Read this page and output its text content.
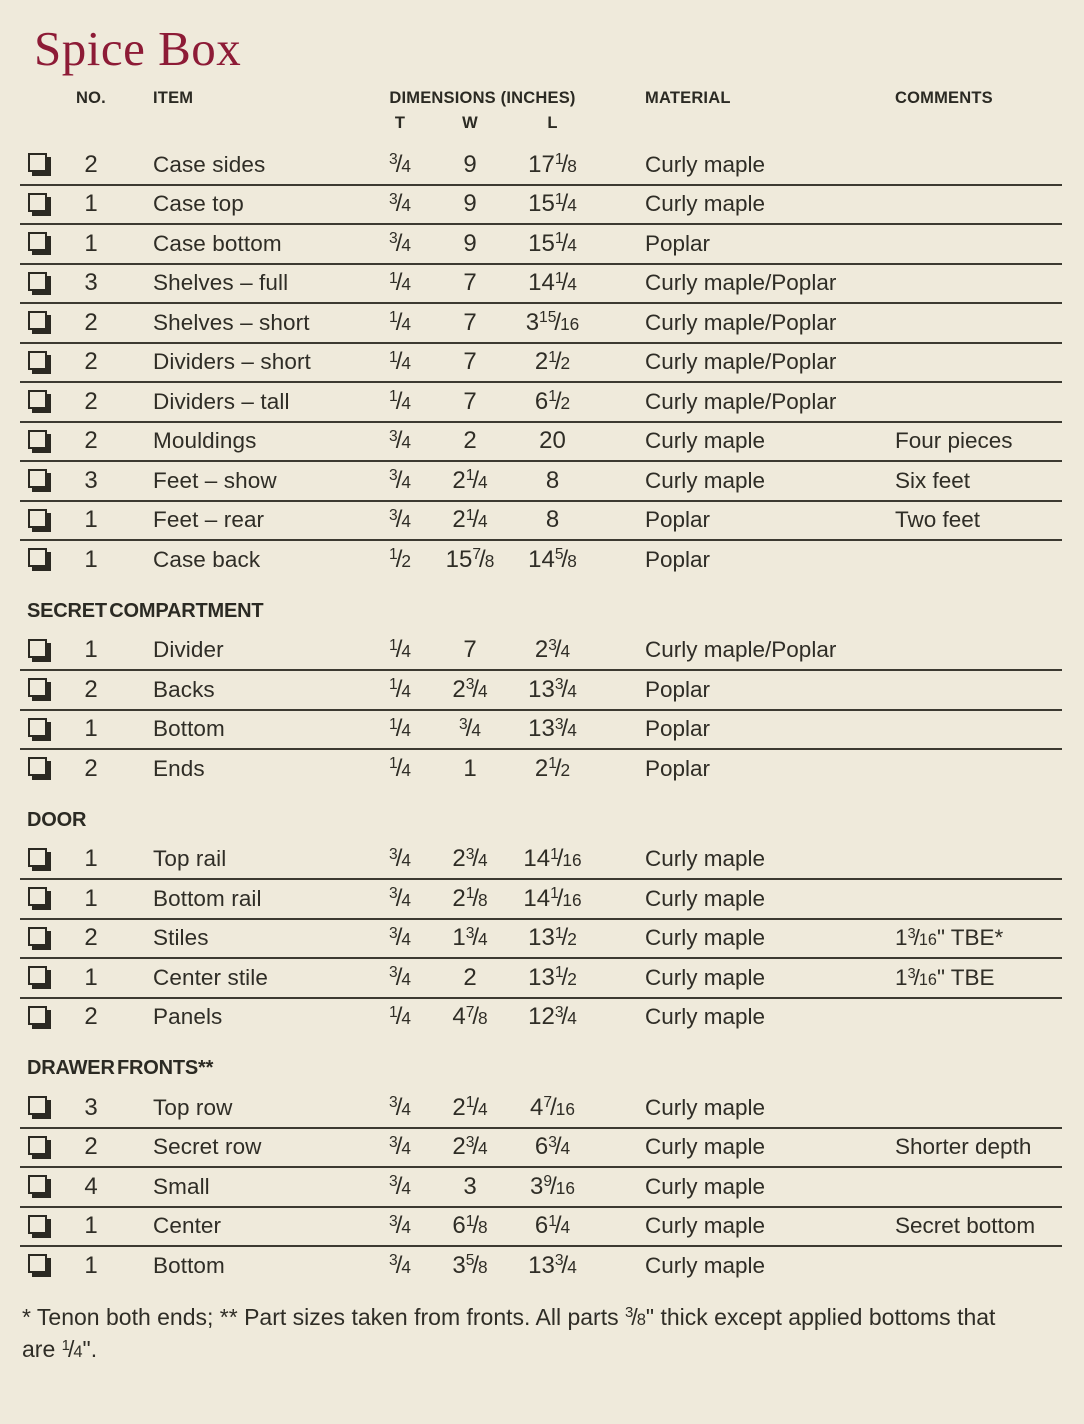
Spice Box
NO.	ITEM	DIMENSIONS (INCHES)	MATERIAL	COMMENTS
T	W	L
2	Case sides	$^3$/4	9	17$^1$/8	Curly maple
1	Case top	$^3$/4	9	15$^1$/4	Curly maple
1	Case bottom	$^3$/4	9	15$^1$/4	Poplar
3	Shelves – full	$^1$/4	7	14$^1$/4	Curly maple/Poplar
2	Shelves – short	$^1$/4	7	3$^{15}$/16	Curly maple/Poplar
2	Dividers – short	$^1$/4	7	2$^1$/2	Curly maple/Poplar
2	Dividers – tall	$^1$/4	7	6$^1$/2	Curly maple/Poplar
2	Mouldings	$^3$/4	2	20	Curly maple	Four pieces
3	Feet – show	$^3$/4	2$^1$/4	8	Curly maple	Six feet
1	Feet – rear	$^3$/4	2$^1$/4	8	Poplar	Two feet
1	Case back	$^1$/2	15$^7$/8	14$^5$/8	Poplar
SECRET COMPARTMENT
1	Divider	$^1$/4	7	2$^3$/4	Curly maple/Poplar
2	Backs	$^1$/4	2$^3$/4	13$^3$/4	Poplar
1	Bottom	$^1$/4	$^3$/4	13$^3$/4	Poplar
2	Ends	$^1$/4	1	2$^1$/2	Poplar
DOOR
1	Top rail	$^3$/4	2$^3$/4	14$^1$/16	Curly maple
1	Bottom rail	$^3$/4	2$^1$/8	14$^1$/16	Curly maple
2	Stiles	$^3$/4	1$^3$/4	13$^1$/2	Curly maple	1$^3$/16" TBE*
1	Center stile	$^3$/4	2	13$^1$/2	Curly maple	1$^3$/16" TBE
2	Panels	$^1$/4	4$^7$/8	12$^3$/4	Curly maple
DRAWER FRONTS**
3	Top row	$^3$/4	2$^1$/4	4$^7$/16	Curly maple
2	Secret row	$^3$/4	2$^3$/4	6$^3$/4	Curly maple	Shorter depth
4	Small	$^3$/4	3	3$^9$/16	Curly maple
1	Center	$^3$/4	6$^1$/8	6$^1$/4	Curly maple	Secret bottom
1	Bottom	$^3$/4	3$^5$/8	13$^3$/4	Curly maple

* Tenon both ends; ** Part sizes taken from fronts. All parts $^3$/8" thick except applied bottoms that are $^1$/4".
